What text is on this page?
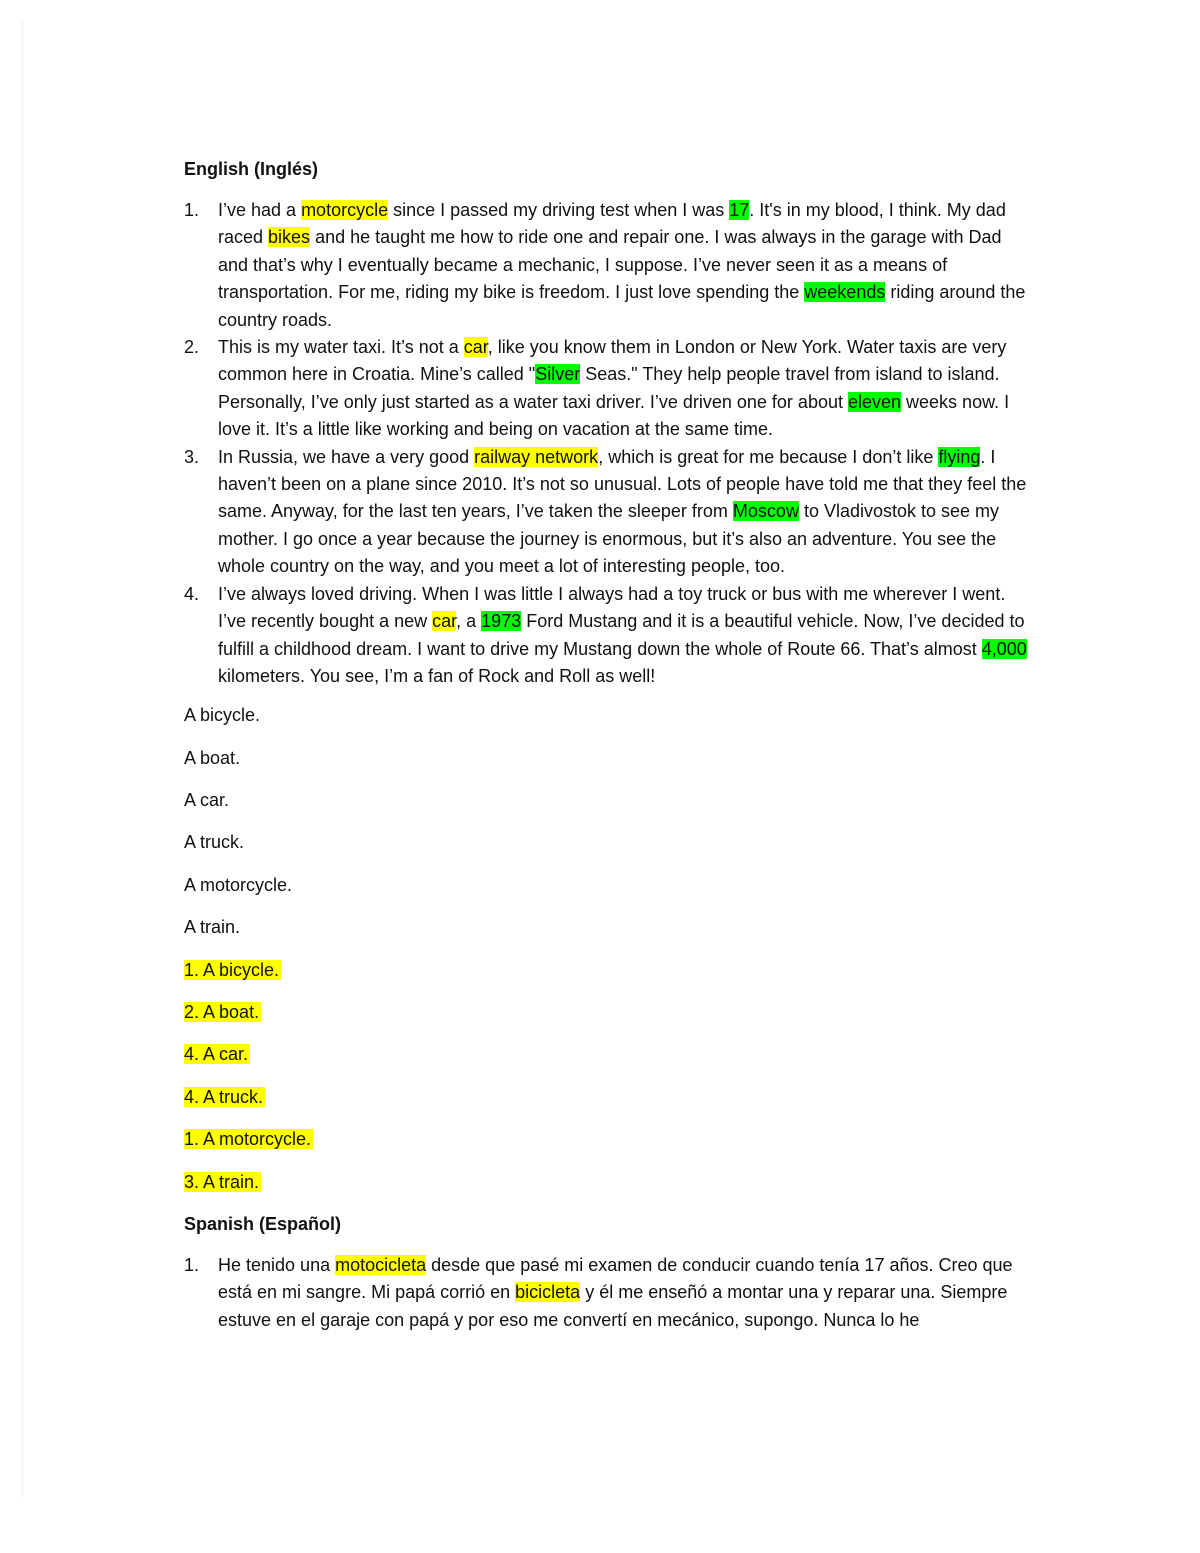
English (Inglés)
1. I’ve had a motorcycle since I passed my driving test when I was 17. It's in my blood, I think. My dad raced bikes and he taught me how to ride one and repair one. I was always in the garage with Dad and that’s why I eventually became a mechanic, I suppose. I’ve never seen it as a means of transportation. For me, riding my bike is freedom. I just love spending the weekends riding around the country roads.
2. This is my water taxi. It’s not a car, like you know them in London or New York. Water taxis are very common here in Croatia. Mine’s called "Silver Seas." They help people travel from island to island. Personally, I’ve only just started as a water taxi driver. I’ve driven one for about eleven weeks now. I love it. It’s a little like working and being on vacation at the same time.
3. In Russia, we have a very good railway network, which is great for me because I don’t like flying. I haven’t been on a plane since 2010. It’s not so unusual. Lots of people have told me that they feel the same. Anyway, for the last ten years, I’ve taken the sleeper from Moscow to Vladivostok to see my mother. I go once a year because the journey is enormous, but it’s also an adventure. You see the whole country on the way, and you meet a lot of interesting people, too.
4. I’ve always loved driving. When I was little I always had a toy truck or bus with me wherever I went. I’ve recently bought a new car, a 1973 Ford Mustang and it is a beautiful vehicle. Now, I’ve decided to fulfill a childhood dream. I want to drive my Mustang down the whole of Route 66. That’s almost 4,000 kilometers. You see, I’m a fan of Rock and Roll as well!

A bicycle.

A boat.

A car.

A truck.

A motorcycle.

A train.

1. A bicycle.

2. A boat.

4. A car.

4. A truck.

1. A motorcycle.

3. A train.

Spanish (Español)
1. He tenido una motocicleta desde que pasé mi examen de conducir cuando tenía 17 años. Creo que está en mi sangre. Mi papá corrió en bicicleta y él me enseñó a montar una y reparar una. Siempre estuve en el garaje con papá y por eso me convertí en mecánico, supongo. Nunca lo he
